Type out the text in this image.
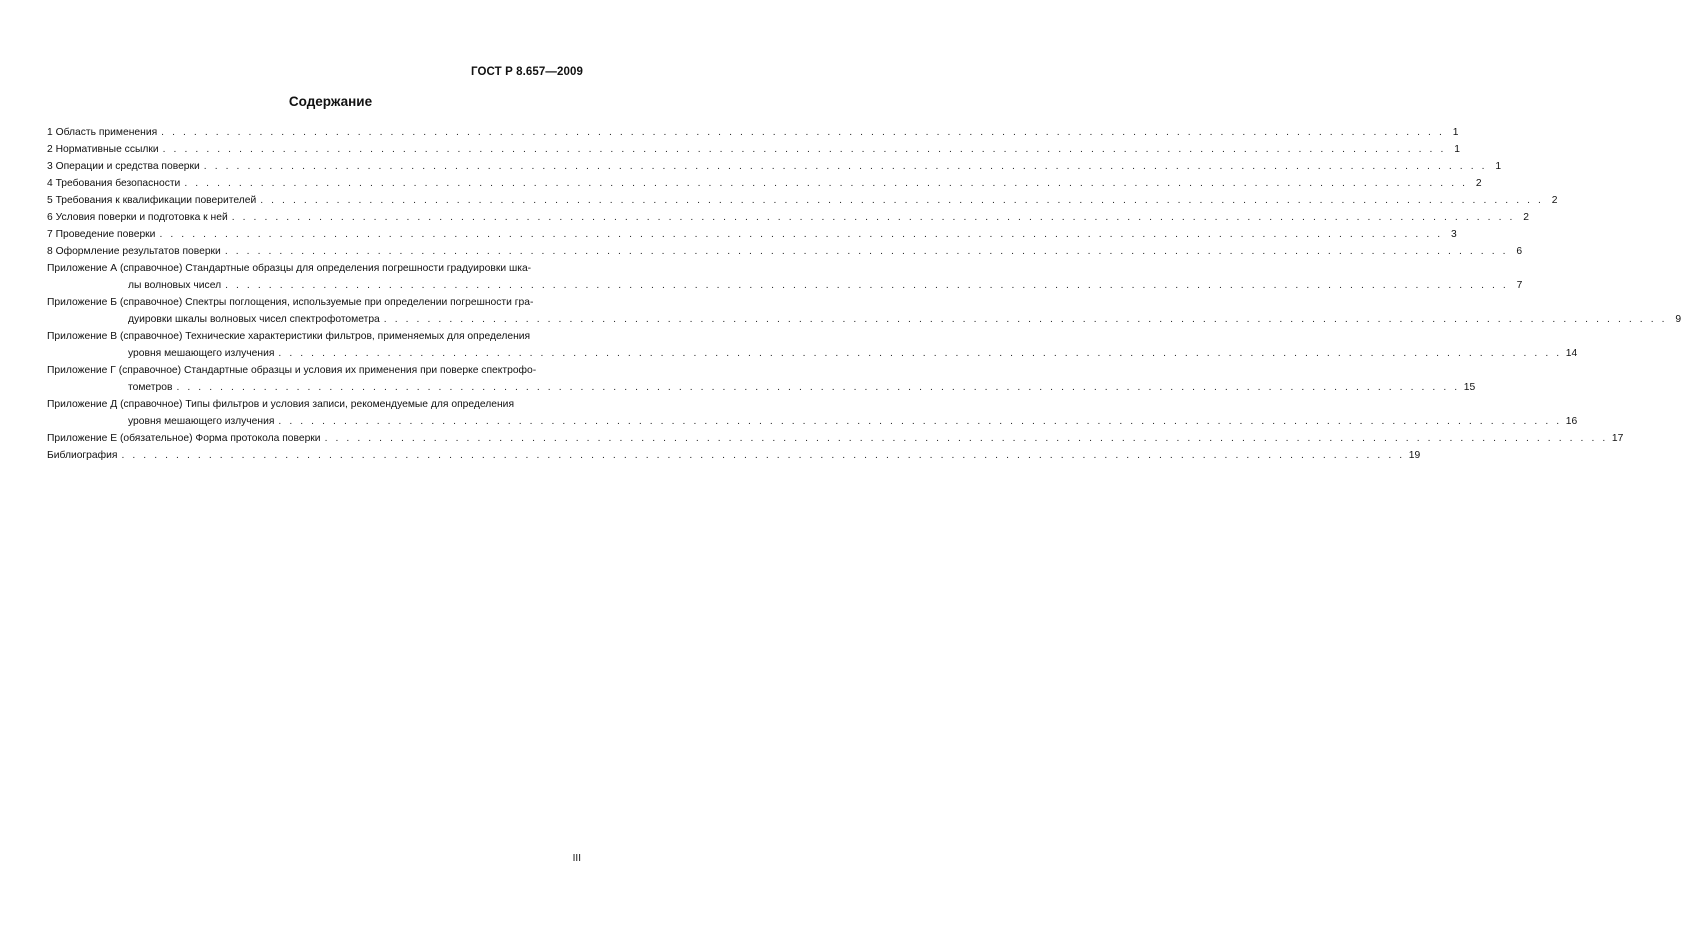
ГОСТ Р 8.657—2009
Содержание
1 Область применения . . .	1
2 Нормативные ссылки . . .	1
3 Операции и средства поверки . . .	1
4 Требования безопасности . . .	2
5 Требования к квалификации поверителей . . .	2
6 Условия поверки и подготовка к ней . . .	2
7 Проведение поверки . . .	3
8 Оформление результатов поверки . . .	6
Приложение А (справочное) Стандартные образцы для определения погрешности градуировки шка-
лы волновых чисел . . .	7
Приложение Б (справочное) Спектры поглощения, используемые при определении погрешности гра-
дуировки шкалы волновых чисел спектрофотометра . . .	9
Приложение В (справочное) Технические характеристики фильтров, применяемых для определения
уровня мешающего излучения . . .	14
Приложение Г (справочное) Стандартные образцы и условия их применения при поверке спектрофо-
тометров . . .	15
Приложение Д (справочное) Типы фильтров и условия записи, рекомендуемые для определения
уровня мешающего излучения . . .	16
Приложение Е (обязательное) Форма протокола поверки . . .	17
Библиография . . .	19
III
